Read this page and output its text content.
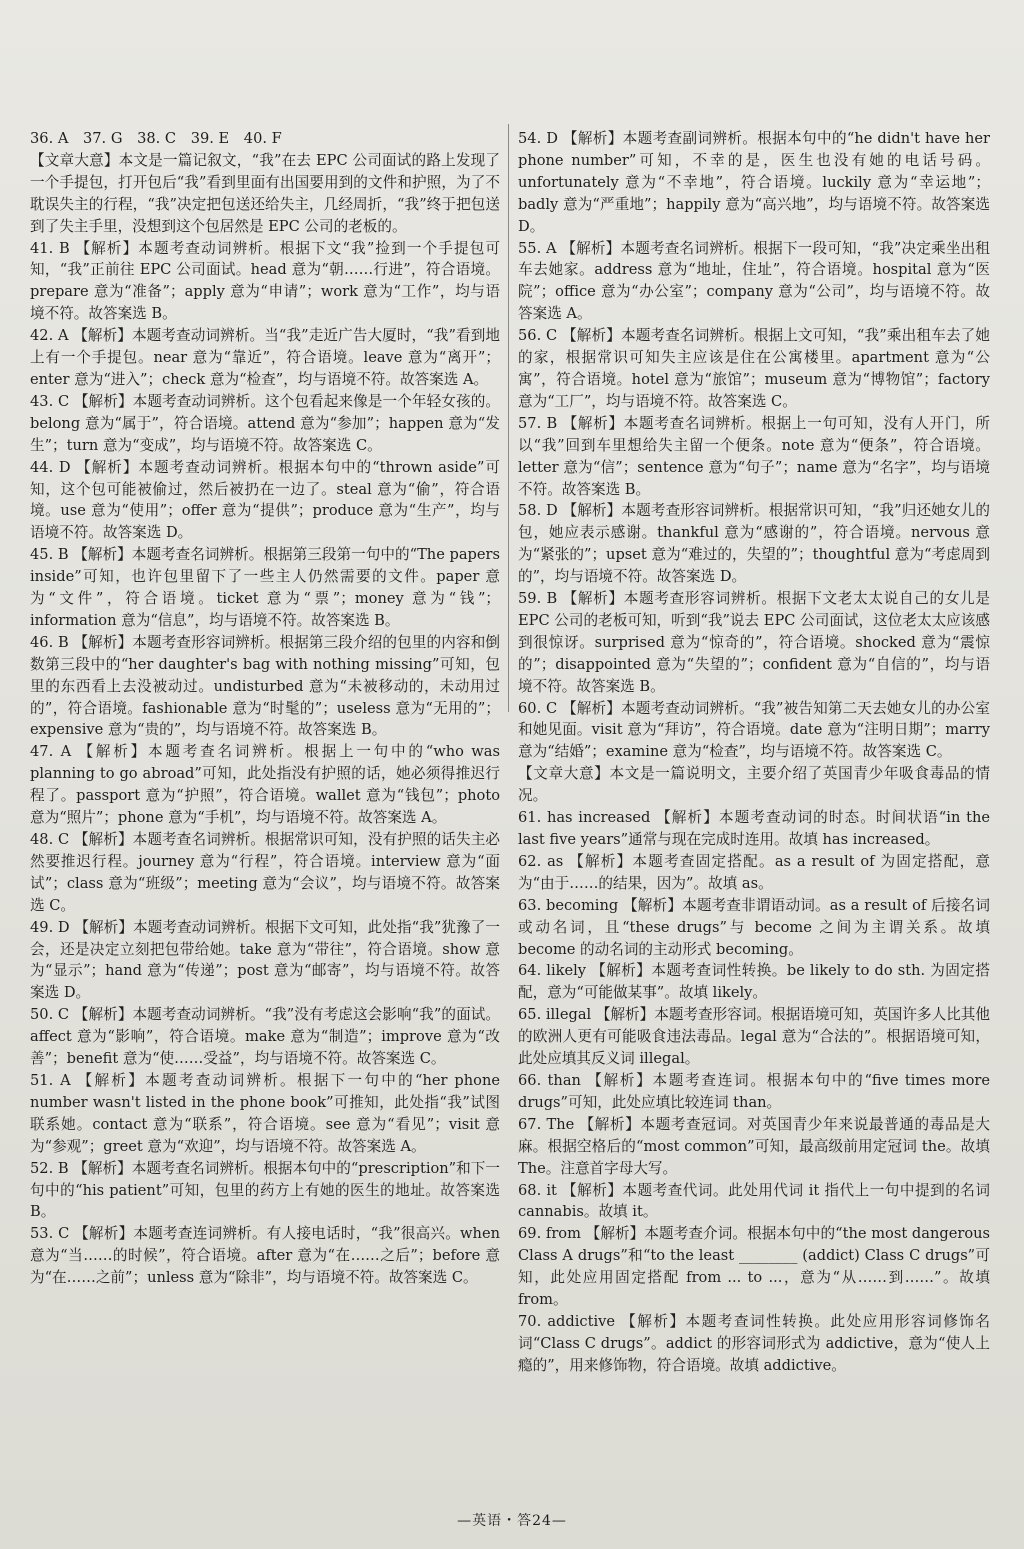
36. A　37. G　38. C　39. E　40. F

【文章大意】本文是一篇记叙文，“我”在去 EPC 公司面试的路上发现了一个手提包，打开包后“我”看到里面有出国要用到的文件和护照，为了不耽误失主的行程，“我”决定把包送还给失主，几经周折，“我”终于把包送到了失主手里，没想到这个包居然是 EPC 公司的老板的。

41. B 【解析】本题考查动词辨析。根据下文“我”捡到一个手提包可知，“我”正前往 EPC 公司面试。head 意为“朝……行进”，符合语境。prepare 意为“准备”；apply 意为“申请”；work 意为“工作”，均与语境不符。故答案选 B。

42. A 【解析】本题考查动词辨析。当“我”走近广告大厦时，“我”看到地上有一个手提包。near 意为“靠近”，符合语境。leave 意为“离开”；enter 意为“进入”；check 意为“检查”，均与语境不符。故答案选 A。

43. C 【解析】本题考查动词辨析。这个包看起来像是一个年轻女孩的。belong 意为“属于”，符合语境。attend 意为“参加”；happen 意为“发生”；turn 意为“变成”，均与语境不符。故答案选 C。

44. D 【解析】本题考查动词辨析。根据本句中的“thrown aside”可知，这个包可能被偷过，然后被扔在一边了。steal 意为“偷”，符合语境。use 意为“使用”；offer 意为“提供”；produce 意为“生产”，均与语境不符。故答案选 D。

45. B 【解析】本题考查名词辨析。根据第三段第一句中的“The papers inside”可知，也许包里留下了一些主人仍然需要的文件。paper 意为“文件”，符合语境。ticket 意为“票”；money 意为“钱”；information 意为“信息”，均与语境不符。故答案选 B。

46. B 【解析】本题考查形容词辨析。根据第三段介绍的包里的内容和倒数第三段中的“her daughter's bag with nothing missing”可知，包里的东西看上去没被动过。undisturbed 意为“未被移动的，未动用过的”，符合语境。fashionable 意为“时髦的”；useless 意为“无用的”；expensive 意为“贵的”，均与语境不符。故答案选 B。

47. A 【解析】本题考查名词辨析。根据上一句中的“who was planning to go abroad”可知，此处指没有护照的话，她必须得推迟行程了。passport 意为“护照”，符合语境。wallet 意为“钱包”；photo 意为“照片”；phone 意为“手机”，均与语境不符。故答案选 A。

48. C 【解析】本题考查名词辨析。根据常识可知，没有护照的话失主必然要推迟行程。journey 意为“行程”，符合语境。interview 意为“面试”；class 意为“班级”；meeting 意为“会议”，均与语境不符。故答案选 C。

49. D 【解析】本题考查动词辨析。根据下文可知，此处指“我”犹豫了一会，还是决定立刻把包带给她。take 意为“带往”，符合语境。show 意为“显示”；hand 意为“传递”；post 意为“邮寄”，均与语境不符。故答案选 D。

50. C 【解析】本题考查动词辨析。“我”没有考虑这会影响“我”的面试。affect 意为“影响”，符合语境。make 意为“制造”；improve 意为“改善”；benefit 意为“使……受益”，均与语境不符。故答案选 C。

51. A 【解析】本题考查动词辨析。根据下一句中的“her phone number wasn't listed in the phone book”可推知，此处指“我”试图联系她。contact 意为“联系”，符合语境。see 意为“看见”；visit 意为“参观”；greet 意为“欢迎”，均与语境不符。故答案选 A。

52. B 【解析】本题考查名词辨析。根据本句中的“prescription”和下一句中的“his patient”可知，包里的药方上有她的医生的地址。故答案选 B。

53. C 【解析】本题考查连词辨析。有人接电话时，“我”很高兴。when 意为“当……的时候”，符合语境。after 意为“在……之后”；before 意为“在……之前”；unless 意为“除非”，均与语境不符。故答案选 C。

54. D 【解析】本题考查副词辨析。根据本句中的“he didn't have her phone number”可知，不幸的是，医生也没有她的电话号码。unfortunately 意为“不幸地”，符合语境。luckily 意为“幸运地”；badly 意为“严重地”；happily 意为“高兴地”，均与语境不符。故答案选 D。

55. A 【解析】本题考查名词辨析。根据下一段可知，“我”决定乘坐出租车去她家。address 意为“地址，住址”，符合语境。hospital 意为“医院”；office 意为“办公室”；company 意为“公司”，均与语境不符。故答案选 A。

56. C 【解析】本题考查名词辨析。根据上文可知，“我”乘出租车去了她的家，根据常识可知失主应该是住在公寓楼里。apartment 意为“公寓”，符合语境。hotel 意为“旅馆”；museum 意为“博物馆”；factory 意为“工厂”，均与语境不符。故答案选 C。

57. B 【解析】本题考查名词辨析。根据上一句可知，没有人开门，所以“我”回到车里想给失主留一个便条。note 意为“便条”，符合语境。letter 意为“信”；sentence 意为“句子”；name 意为“名字”，均与语境不符。故答案选 B。

58. D 【解析】本题考查形容词辨析。根据常识可知，“我”归还她女儿的包，她应表示感谢。thankful 意为“感谢的”，符合语境。nervous 意为“紧张的”；upset 意为“难过的，失望的”；thoughtful 意为“考虑周到的”，均与语境不符。故答案选 D。

59. B 【解析】本题考查形容词辨析。根据下文老太太说自己的女儿是 EPC 公司的老板可知，听到“我”说去 EPC 公司面试，这位老太太应该感到很惊讶。surprised 意为“惊奇的”，符合语境。shocked 意为“震惊的”；disappointed 意为“失望的”；confident 意为“自信的”，均与语境不符。故答案选 B。

60. C 【解析】本题考查动词辨析。“我”被告知第二天去她女儿的办公室和她见面。visit 意为“拜访”，符合语境。date 意为“注明日期”；marry 意为“结婚”；examine 意为“检查”，均与语境不符。故答案选 C。

【文章大意】本文是一篇说明文，主要介绍了英国青少年吸食毒品的情况。

61. has increased 【解析】本题考查动词的时态。时间状语“in the last five years”通常与现在完成时连用。故填 has increased。

62. as 【解析】本题考查固定搭配。as a result of 为固定搭配，意为“由于……的结果，因为”。故填 as。

63. becoming 【解析】本题考查非谓语动词。as a result of 后接名词或动名词，且“these drugs”与 become 之间为主谓关系。故填 become 的动名词的主动形式 becoming。

64. likely 【解析】本题考查词性转换。be likely to do sth. 为固定搭配，意为“可能做某事”。故填 likely。

65. illegal 【解析】本题考查形容词。根据语境可知，英国许多人比其他的欧洲人更有可能吸食违法毒品。legal 意为“合法的”。根据语境可知，此处应填其反义词 illegal。

66. than 【解析】本题考查连词。根据本句中的“five times more drugs”可知，此处应填比较连词 than。

67. The 【解析】本题考查冠词。对英国青少年来说最普通的毒品是大麻。根据空格后的“most common”可知，最高级前用定冠词 the。故填 The。注意首字母大写。

68. it 【解析】本题考查代词。此处用代词 it 指代上一句中提到的名词 cannabis。故填 it。

69. from 【解析】本题考查介词。根据本句中的“the most dangerous Class A drugs”和“to the least ________ (addict) Class C drugs”可知，此处应用固定搭配 from ... to ...，意为“从……到……”。故填 from。

70. addictive 【解析】本题考查词性转换。此处应用形容词修饰名词“Class C drugs”。addict 的形容词形式为 addictive，意为“使人上瘾的”，用来修饰物，符合语境。故填 addictive。

—英语・答24—
